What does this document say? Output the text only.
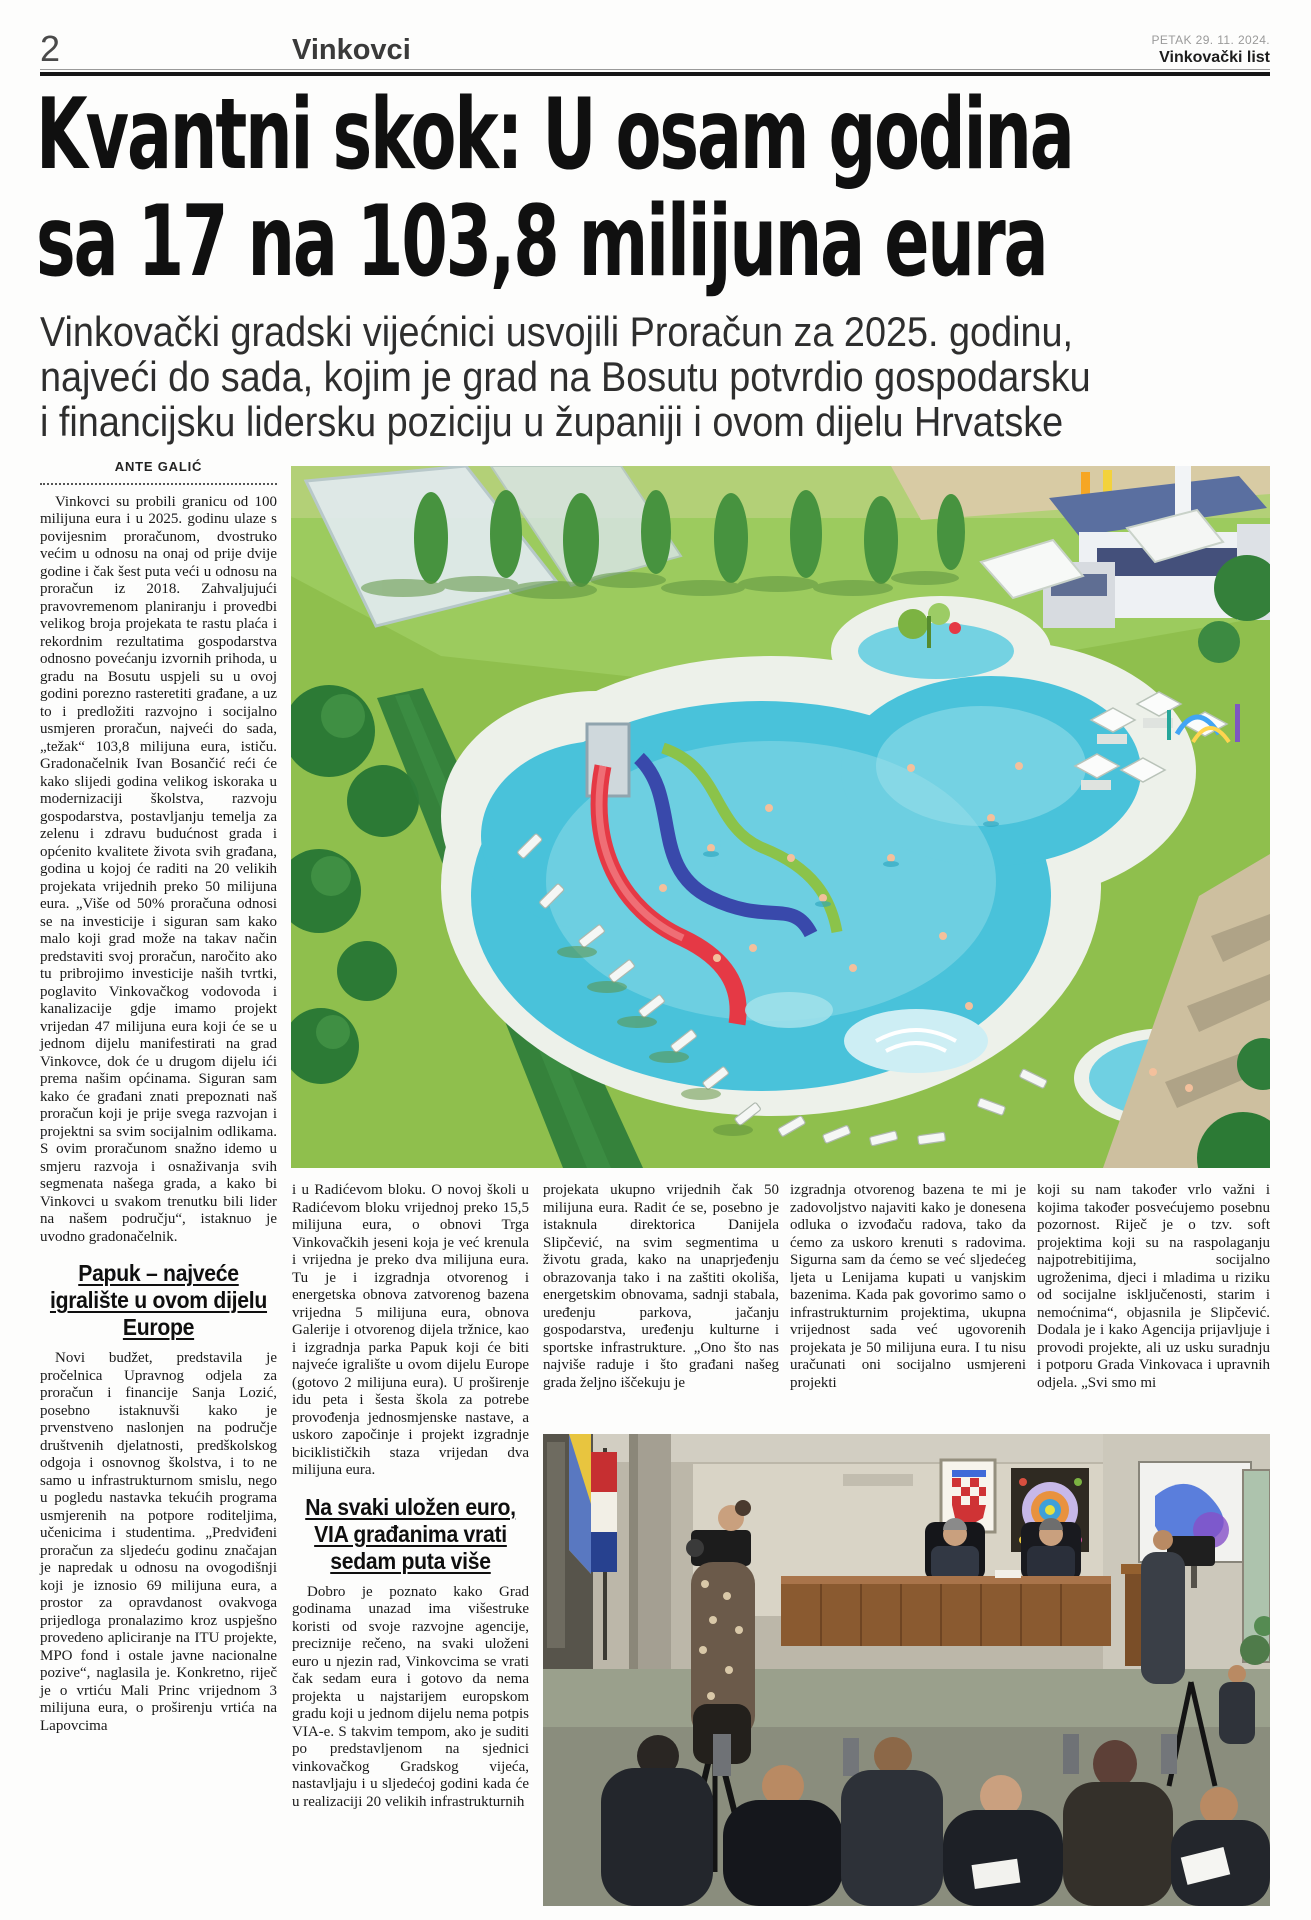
2	Vinkovci	PETAK 29. 11. 2024.
Vinkovački list
Kvantni skok: U osam godina
sa 17 na 103,8 milijuna eura
Vinkovački gradski vijećnici usvojili Proračun za 2025. godinu,
najveći do sada, kojim je grad na Bosutu potvrdio gospodarsku
i financijsku lidersku poziciju u županiji i ovom dijelu Hrvatske
ANTE GALIĆ

Vinkovci su probili granicu od 100 milijuna eura i u 2025. godinu ulaze s povijesnim proračunom, dvostruko većim u odnosu na onaj od prije dvije godine i čak šest puta veći u odnosu na proračun iz 2018. Zahvaljujući pravovremenom planiranju i provedbi velikog broja projekata te rastu plaća i rekordnim rezultatima gospodarstva odnosno povećanju izvornih prihoda, u gradu na Bosutu uspjeli su u ovoj godini porezno rasteretiti građane, a uz to i predložiti razvojno i socijalno usmjeren proračun, najveći do sada, „težak“ 103,8 milijuna eura, ističu. Gradonačelnik Ivan Bosančić reći će kako slijedi godina velikog iskoraka u modernizaciji školstva, razvoju gospodarstva, postavljanju temelja za zelenu i zdravu budućnost grada i općenito kvalitete života svih građana, godina u kojoj će raditi na 20 velikih projekata vrijednih preko 50 milijuna eura. „Više od 50% proračuna odnosi se na investicije i siguran sam kako malo koji grad može na takav način predstaviti svoj proračun, naročito ako tu pribrojimo investicije naših tvrtki, poglavito Vinkovačkog vodovoda i kanalizacije gdje imamo projekt vrijedan 47 milijuna eura koji će se u jednom dijelu manifestirati na grad Vinkovce, dok će u drugom dijelu ići prema našim općinama. Siguran sam kako će građani znati prepoznati naš proračun koji je prije svega razvojan i projektni sa svim socijalnim odlikama. S ovim proračunom snažno idemo u smjeru razvoja i osnaživanja svih segmenata našega grada, a kako bi Vinkovci u svakom trenutku bili lider na našem području“, istaknuo je uvodno gradonačelnik.

Papuk – najveće igralište u ovom dijelu Europe

Novi budžet, predstavila je pročelnica Upravnog odjela za proračun i financije Sanja Lozić, posebno istaknuvši kako je prvenstveno naslonjen na područje društvenih djelatnosti, predškolskog odgoja i osnovnog školstva, i to ne samo u infrastrukturnom smislu, nego u pogledu nastavka tekućih programa usmjerenih na potpore roditeljima, učenicima i studentima. „Predviđeni proračun za sljedeću godinu značajan je napredak u odnosu na ovogodišnji koji je iznosio 69 milijuna eura, a prostor za opravdanost ovakvoga prijedloga pronalazimo kroz uspješno provedeno apliciranje na ITU projekte, MPO fond i ostale javne nacionalne pozive“, naglasila je. Konkretno, riječ je o vrtiću Mali Princ vrijednom 3 milijuna eura, o proširenju vrtića na Lapovcima

i u Radićevom bloku. O novoj školi u Radićevom bloku vrijednoj preko 15,5 milijuna eura, o obnovi Trga Vinkovačkih jeseni koja je već krenula i vrijedna je preko dva milijuna eura. Tu je i izgradnja otvorenog i energetska obnova zatvorenog bazena vrijedna 5 milijuna eura, obnova Galerije i otvorenog dijela tržnice, kao i izgradnja parka Papuk koji će biti najveće igralište u ovom dijelu Europe (gotovo 2 milijuna eura). U proširenje idu peta i šesta škola za potrebe provođenja jednosmjenske nastave, a uskoro započinje i projekt izgradnje biciklističkih staza vrijedan dva milijuna eura.

Na svaki uložen euro, VIA građanima vrati sedam puta više

Dobro je poznato kako Grad godinama unazad ima višestruke koristi od svoje razvojne agencije, preciznije rečeno, na svaki uloženi euro u njezin rad, Vinkovcima se vrati čak sedam eura i gotovo da nema projekta u najstarijem europskom gradu koji u jednom dijelu nema potpis VIA-e. S takvim tempom, ako je suditi po predstavljenom na sjednici vinkovačkog Gradskog vijeća, nastavljaju i u sljedećoj godini kada će u realizaciji 20 velikih infrastrukturnih

projekata ukupno vrijednih čak 50 milijuna eura. Radit će se, posebno je istaknula direktorica Danijela Slipčević, na svim segmentima u životu grada, kako na unaprjeđenju obrazovanja tako i na zaštiti okoliša, energetskim obnovama, sadnji stabala, uređenju parkova, jačanju gospodarstva, uređenju kulturne i sportske infrastrukture. „Ono što nas najviše raduje i što građani našeg grada željno iščekuju je

izgradnja otvorenog bazena te mi je zadovoljstvo najaviti kako je donesena odluka o izvođaču radova, tako da ćemo za uskoro krenuti s radovima. Sigurna sam da ćemo se već sljedećeg ljeta u Lenijama kupati u vanjskim bazenima. Kada pak govorimo samo o infrastrukturnim projektima, ukupna vrijednost sada već ugovorenih projekata je 50 milijuna eura. I tu nisu uračunati oni socijalno usmjereni projekti

koji su nam također vrlo važni i kojima također posvećujemo posebnu pozornost. Riječ je o tzv. soft projektima koji su na raspolaganju najpotrebitijima, socijalno ugroženima, djeci i mladima u riziku od socijalne isključenosti, starim i nemoćnima“, objasnila je Slipčević. Dodala je i kako Agencija prijavljuje i provodi projekte, ali uz usku suradnju i potporu Grada Vinkovaca i upravnih odjela. „Svi smo mi
